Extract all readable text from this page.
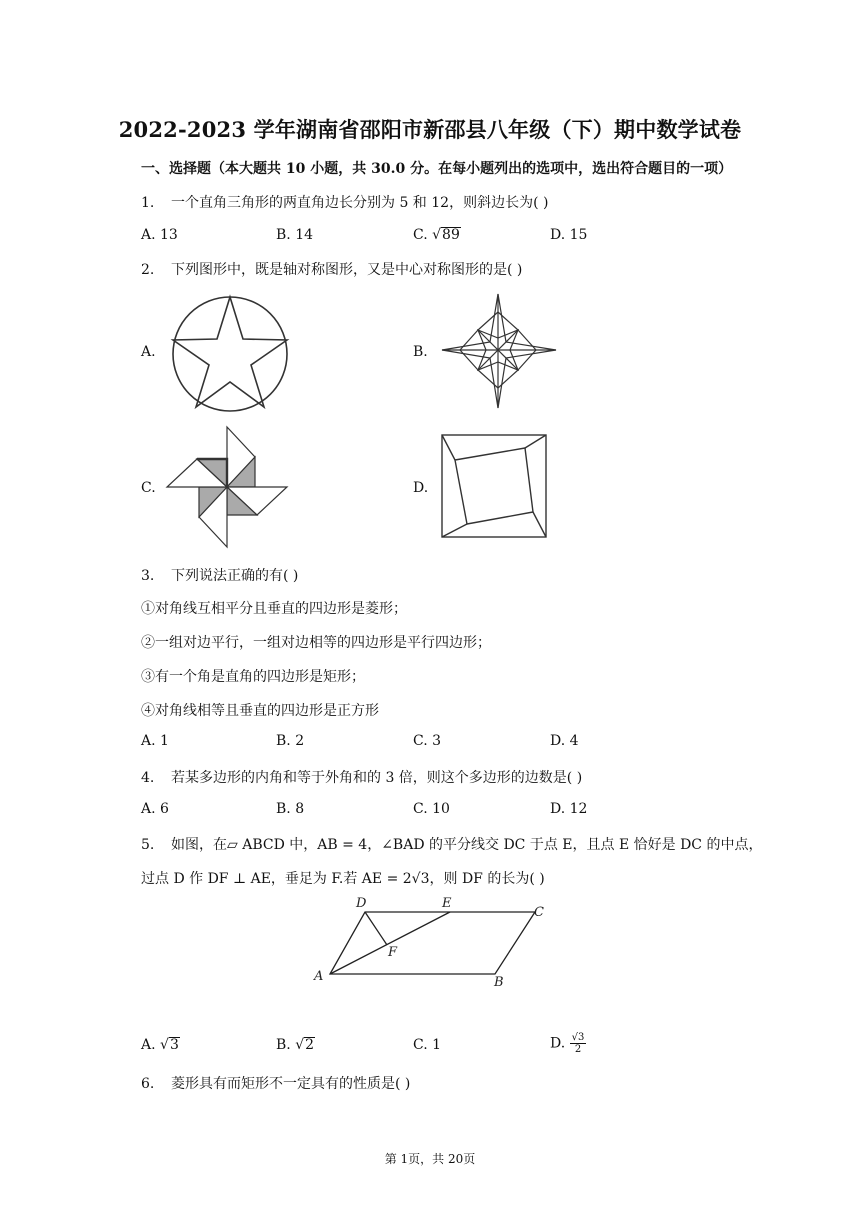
2022-2023 学年湖南省邵阳市新邵县八年级（下）期中数学试卷
一、选择题（本大题共 10 小题，共 30.0 分。在每小题列出的选项中，选出符合题目的一项）
1. 一个直角三角形的两直角边长分别为 5 和 12，则斜边长为( )
A. 13	B. 14	C. √89	D. 15
2. 下列图形中，既是轴对称图形，又是中心对称图形的是( )
A.	B.
C.	D.
3. 下列说法正确的有( )
①对角线互相平分且垂直的四边形是菱形；
②一组对边平行，一组对边相等的四边形是平行四边形；
③有一个角是直角的四边形是矩形；
④对角线相等且垂直的四边形是正方形
A. 1	B. 2	C. 3	D. 4
4. 若某多边形的内角和等于外角和的 3 倍，则这个多边形的边数是( )
A. 6	B. 8	C. 10	D. 12
5. 如图，在▱ ABCD 中，AB = 4，∠BAD 的平分线交 DC 于点 E，且点 E 恰好是 DC 的中点，
过点 D 作 DF ⊥ AE，垂足为 F.若 AE = 2√3，则 DF 的长为( )
A	B
C
D	E
F
A. √3	B. √2	C. 1	D. $\frac{√3}{2}$
6. 菱形具有而矩形不一定具有的性质是( )
第 1页，共 20页
